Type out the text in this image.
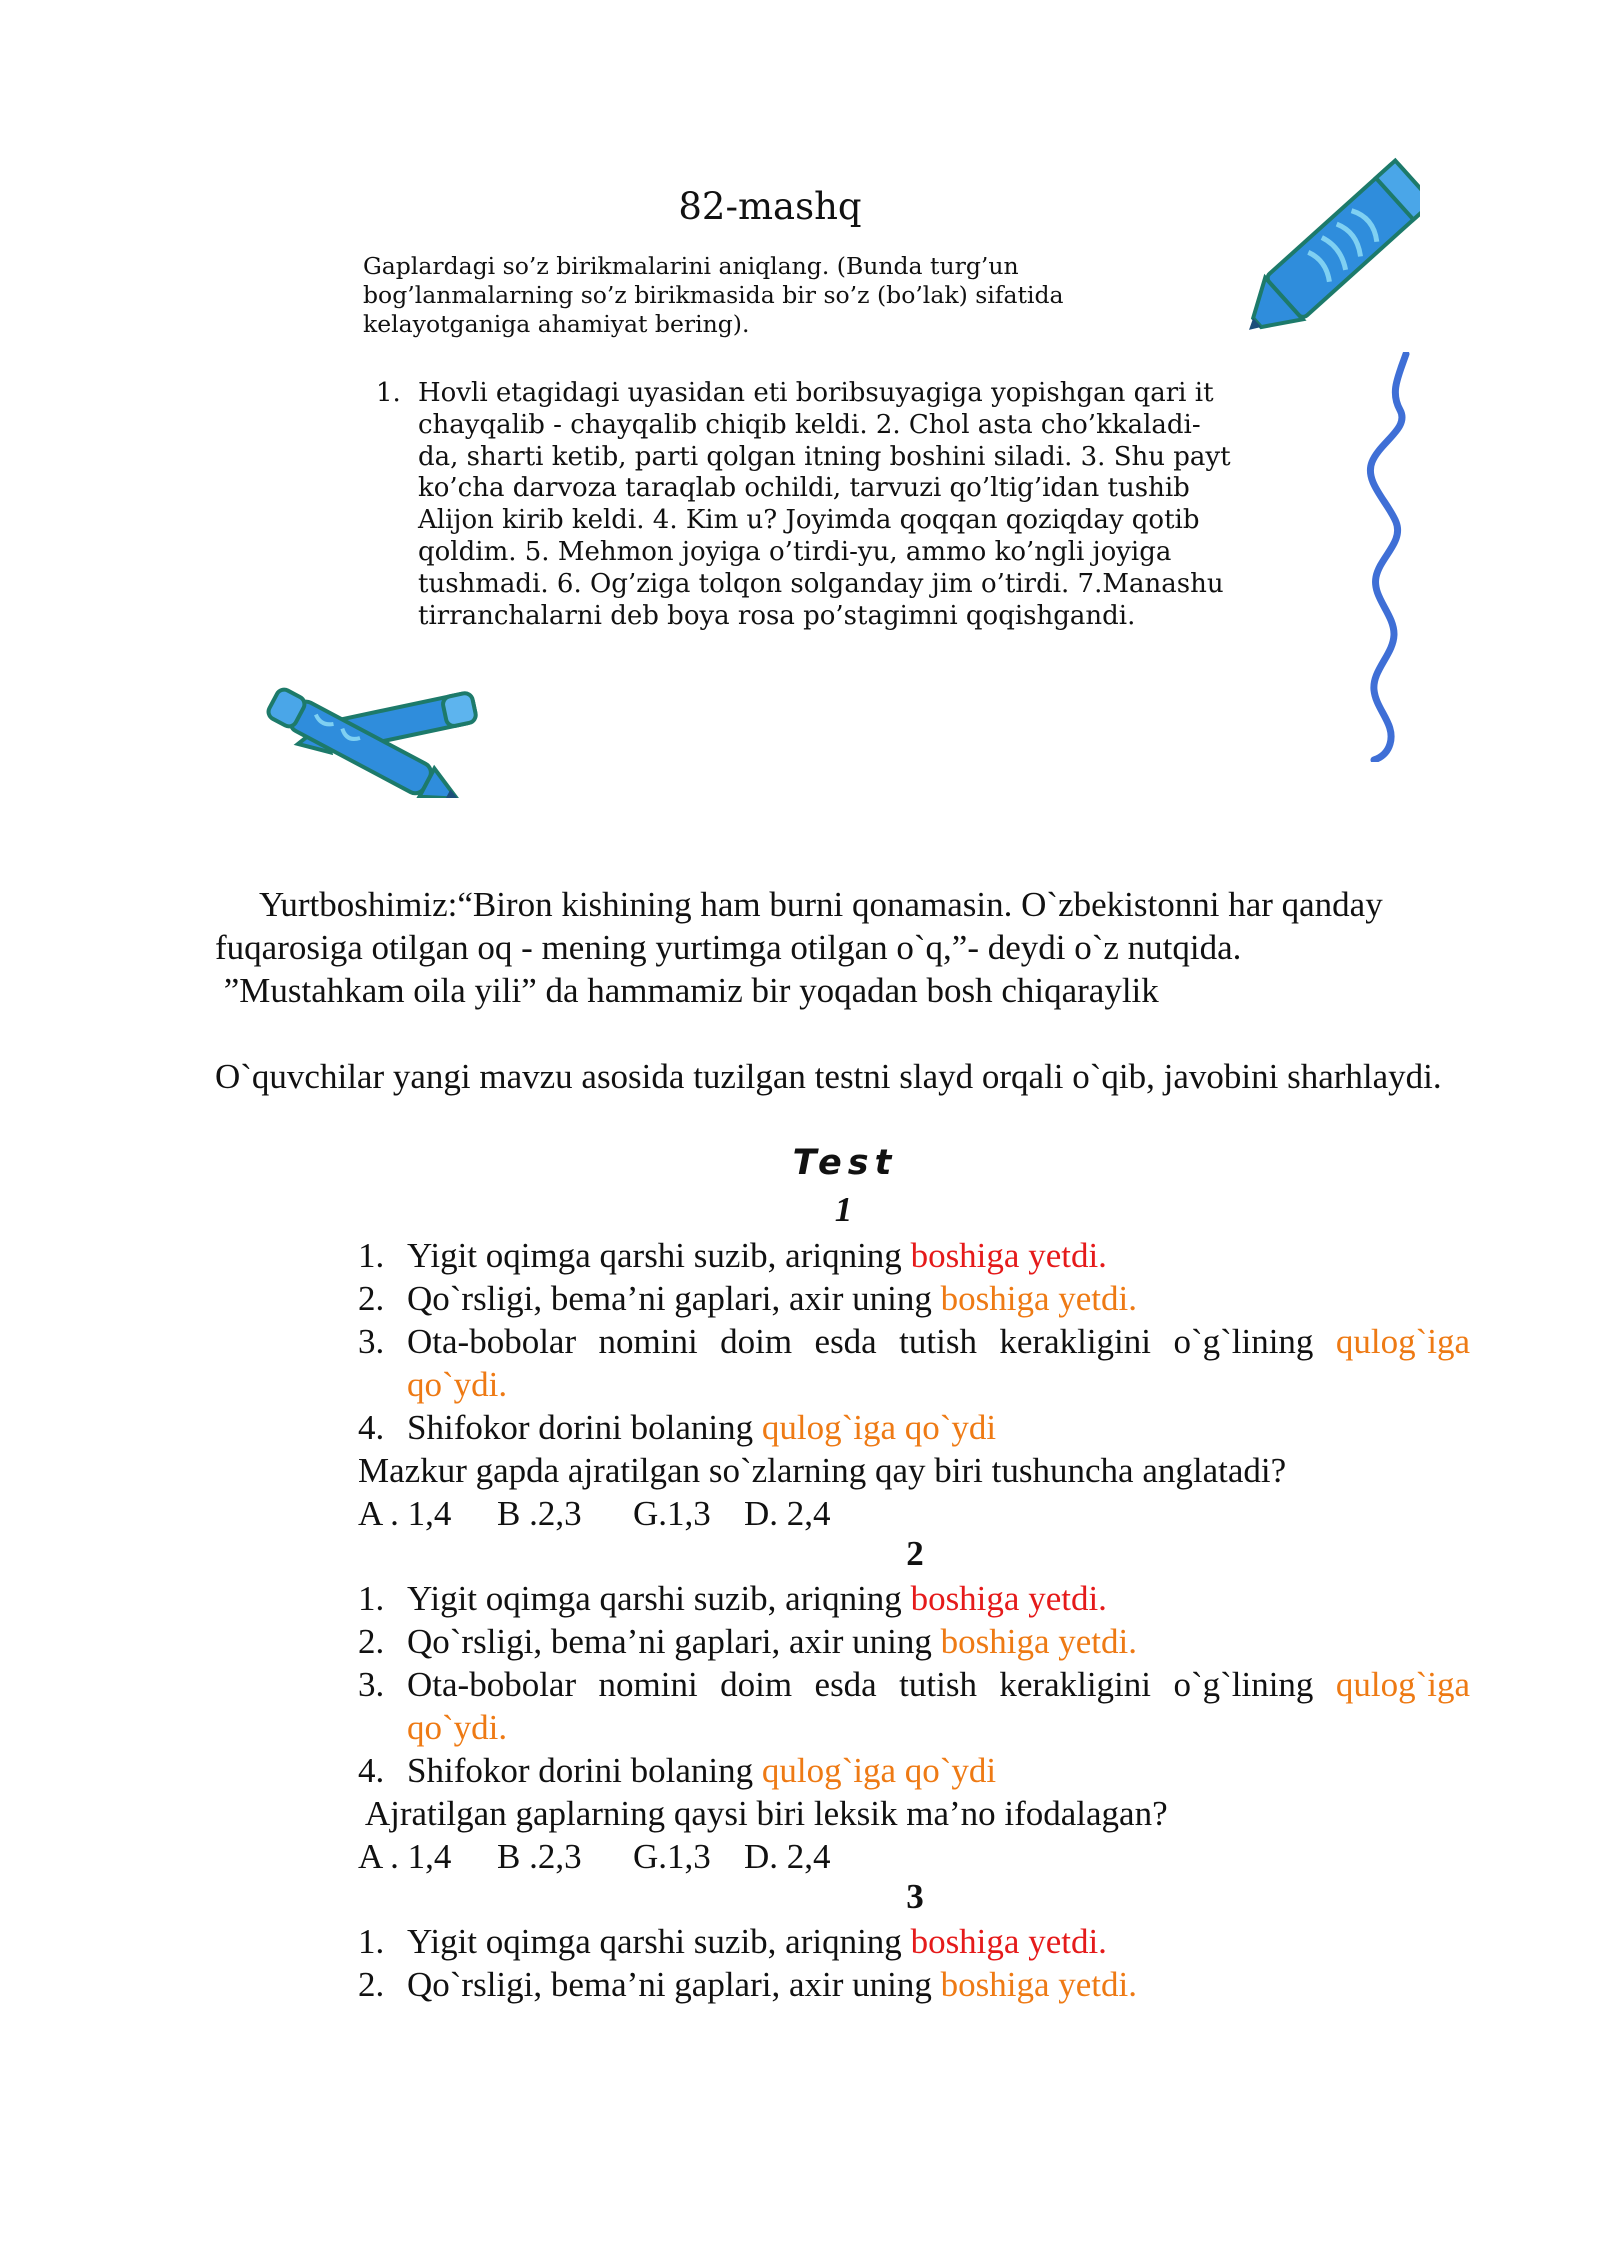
82-mashq
Gaplardagi so’z birikmalarini aniqlang. (Bunda turg’un
bog’lanmalarning so’z birikmasida bir so’z (bo’lak) sifatida
kelayotganiga ahamiyat bering).
1. Hovli etagidagi uyasidan eti boribsuyagiga yopishgan qari it
chayqalib - chayqalib chiqib keldi. 2. Chol asta cho’kkaladi-
da, sharti ketib, parti qolgan itning boshini siladi. 3. Shu payt
ko’cha darvoza taraqlab ochildi, tarvuzi qo’ltig’idan tushib
Alijon kirib keldi. 4. Kim u? Joyimda qoqqan qoziqday qotib
qoldim. 5. Mehmon joyiga o’tirdi-yu, ammo ko’ngli joyiga
tushmadi. 6. Og’ziga tolqon solganday jim o’tirdi. 7.Manashu
tirranchalarni deb boya rosa po’stagimni qoqishgandi.
Yurtboshimiz:“Biron kishining ham burni qonamasin. O`zbekistonni har qanday
fuqarosiga otilgan oq - mening yurtimga otilgan o`q,”- deydi o`z nutqida.
”Mustahkam oila yili” da hammamiz bir yoqadan bosh chiqaraylik
O`quvchilar yangi mavzu asosida tuzilgan testni slayd orqali o`qib, javobini sharhlaydi.
Test
1
1. Yigit oqimga qarshi suzib, ariqning boshiga yetdi.
2. Qo`rsligi, bema’ni gaplari, axir uning boshiga yetdi.
3. Ota-bobolar nomini doim esda tutish kerakligini o`g`lining qulog`iga qo`ydi.
4. Shifokor dorini bolaning qulog`iga qo`ydi
Mazkur gapda ajratilgan so`zlarning qay biri tushuncha anglatadi?
A . 1,4 B .2,3 G.1,3 D. 2,4
2
1. Yigit oqimga qarshi suzib, ariqning boshiga yetdi.
2. Qo`rsligi, bema’ni gaplari, axir uning boshiga yetdi.
3. Ota-bobolar nomini doim esda tutish kerakligini o`g`lining qulog`iga qo`ydi.
4. Shifokor dorini bolaning qulog`iga qo`ydi
Ajratilgan gaplarning qaysi biri leksik ma’no ifodalagan?
A . 1,4 B .2,3 G.1,3 D. 2,4
3
1. Yigit oqimga qarshi suzib, ariqning boshiga yetdi.
2. Qo`rsligi, bema’ni gaplari, axir uning boshiga yetdi.
